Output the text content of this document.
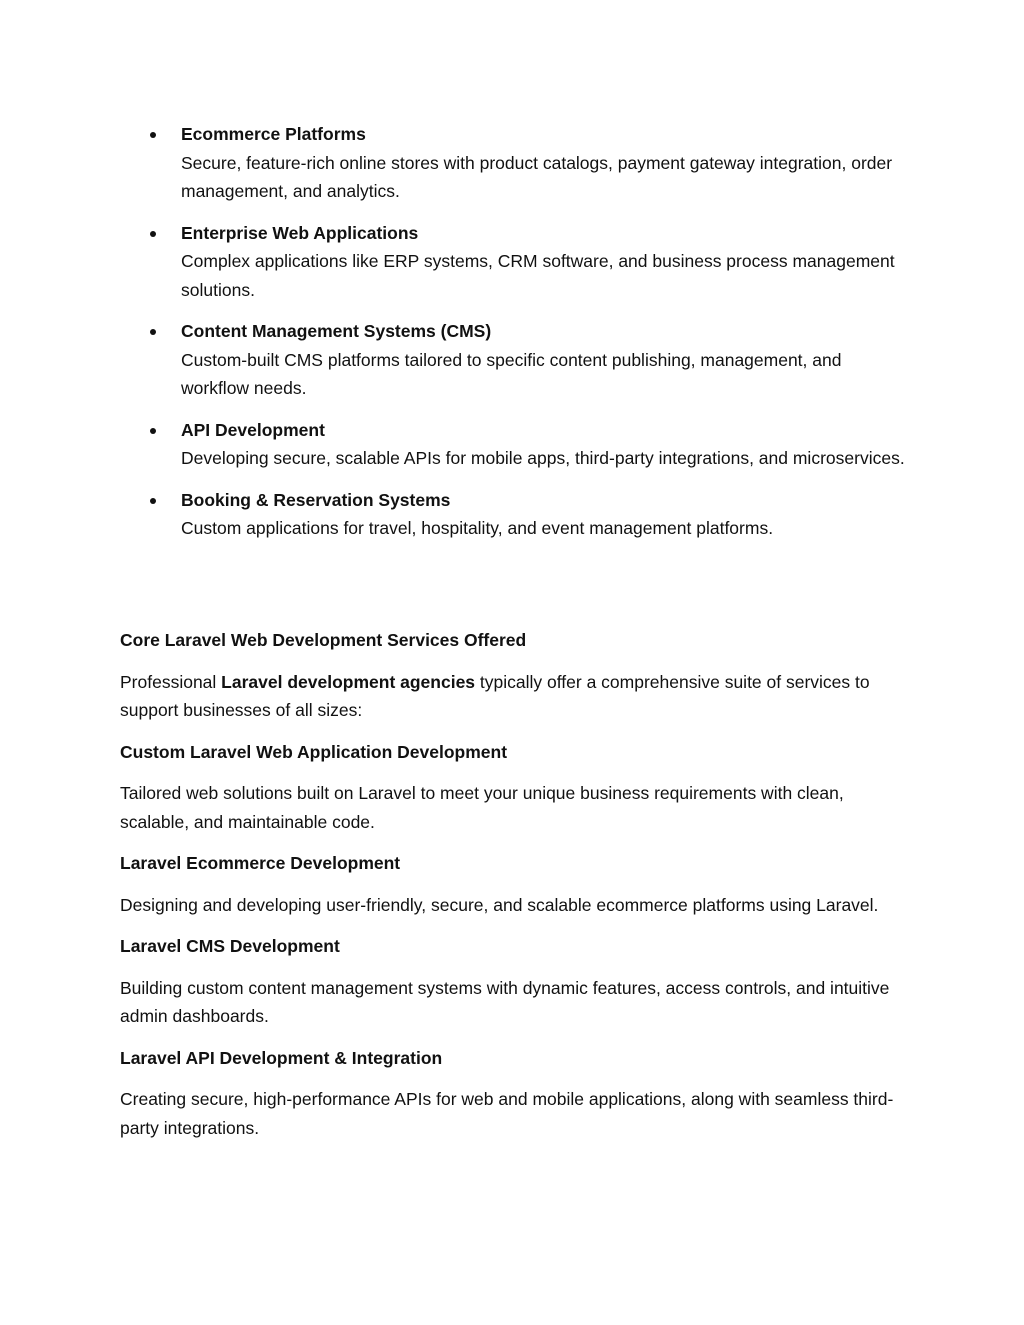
Ecommerce Platforms
Secure, feature-rich online stores with product catalogs, payment gateway integration, order management, and analytics.
Enterprise Web Applications
Complex applications like ERP systems, CRM software, and business process management solutions.
Content Management Systems (CMS)
Custom-built CMS platforms tailored to specific content publishing, management, and workflow needs.
API Development
Developing secure, scalable APIs for mobile apps, third-party integrations, and microservices.
Booking & Reservation Systems
Custom applications for travel, hospitality, and event management platforms.
Core Laravel Web Development Services Offered

Professional Laravel development agencies typically offer a comprehensive suite of services to support businesses of all sizes:

Custom Laravel Web Application Development

Tailored web solutions built on Laravel to meet your unique business requirements with clean, scalable, and maintainable code.

Laravel Ecommerce Development

Designing and developing user-friendly, secure, and scalable ecommerce platforms using Laravel.

Laravel CMS Development

Building custom content management systems with dynamic features, access controls, and intuitive admin dashboards.

Laravel API Development & Integration

Creating secure, high-performance APIs for web and mobile applications, along with seamless third-party integrations.
